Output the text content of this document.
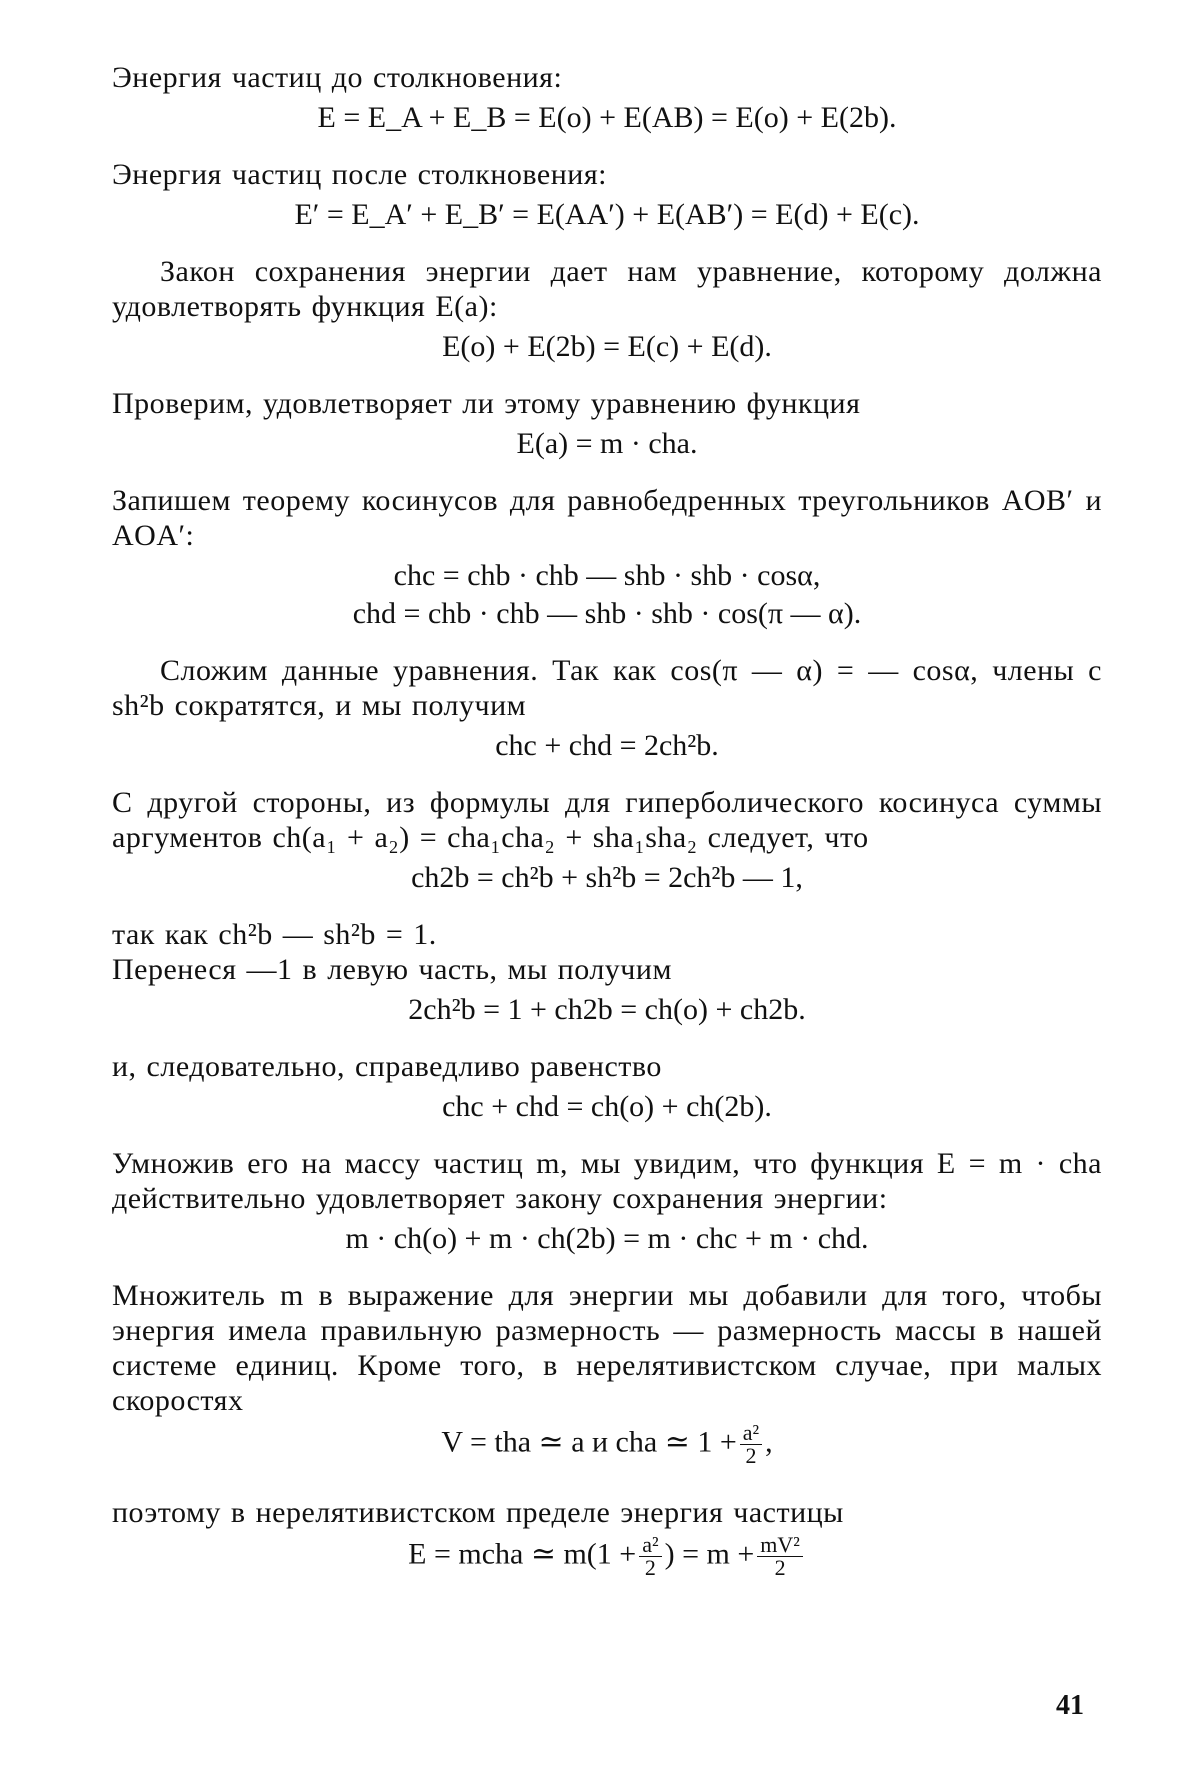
Энергия частиц до столкновения:

E = E_A + E_B = E(o) + E(AB) = E(o) + E(2b).

Энергия частиц после столкновения:

E′ = E_A′ + E_B′ = E(AA′) + E(AB′) = E(d) + E(c).

Закон сохранения энергии дает нам уравнение, которому должна удовлетворять функция E(a):

E(o) + E(2b) = E(c) + E(d).

Проверим, удовлетворяет ли этому уравнению функция

E(a) = m · cha.

Запишем теорему косинусов для равнобедренных треугольников AOB′ и AOA′:

chc = chb · chb — shb · shb · cosα,
chd = chb · chb — shb · shb · cos(π — α).

Сложим данные уравнения. Так как cos(π — α) = — cosα, члены с sh²b сократятся, и мы получим

chc + chd = 2ch²b.

С другой стороны, из формулы для гиперболического косинуса суммы аргументов ch(a₁ + a₂) = cha₁cha₂ + sha₁sha₂ следует, что

ch2b = ch²b + sh²b = 2ch²b — 1,

так как ch²b — sh²b = 1.

Перенеся —1 в левую часть, мы получим

2ch²b = 1 + ch2b = ch(o) + ch2b.

и, следовательно, справедливо равенство

chc + chd = ch(o) + ch(2b).

Умножив его на массу частиц m, мы увидим, что функция E = m · cha действительно удовлетворяет закону сохранения энергии:

m · ch(o) + m · ch(2b) = m · chc + m · chd.

Множитель m в выражение для энергии мы добавили для того, чтобы энергия имела правильную размерность — размерность массы в нашей системе единиц. Кроме того, в нерелятивистском случае, при малых скоростях

V = tha ≃ a и cha ≃ $1 + \frac{\text{a²}}{2}$ ,

поэтому в нерелятивистском пределе энергия частицы

E = mcha ≃ $m(1 + \frac{\text{a²}}{2}$ ) = $m + \frac{\text{mV²}}{2}$
41
